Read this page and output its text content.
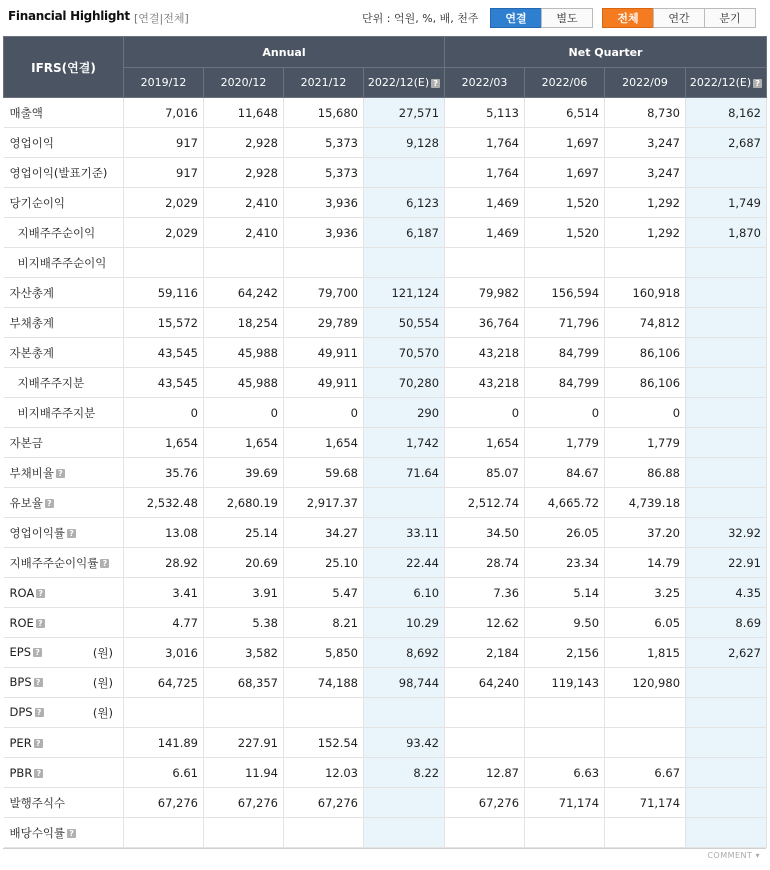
Financial Highlight [연결|전체]	단위 : 억원, %, 배, 천주	연결	별도	전체	연간	분기
IFRS(연결)	Annual				Net Quarter			
	2019/12	2020/12	2021/12	2022/12(E) ?	2022/03	2022/06	2022/09	2022/12(E) ?
매출액	7,016	11,648	15,680	27,571	5,113	6,514	8,730	8,162
영업이익	917	2,928	5,373	9,128	1,764	1,697	3,247	2,687
영업이익(발표기준)	917	2,928	5,373		1,764	1,697	3,247	
당기순이익	2,029	2,410	3,936	6,123	1,469	1,520	1,292	1,749
지배주주순이익	2,029	2,410	3,936	6,187	1,469	1,520	1,292	1,870
비지배주주순이익								
자산총계	59,116	64,242	79,700	121,124	79,982	156,594	160,918	
부채총계	15,572	18,254	29,789	50,554	36,764	71,796	74,812	
자본총계	43,545	45,988	49,911	70,570	43,218	84,799	86,106	
지배주주지분	43,545	45,988	49,911	70,280	43,218	84,799	86,106	
비지배주주지분	0	0	0	290	0	0	0	
자본금	1,654	1,654	1,654	1,742	1,654	1,779	1,779	
부채비율 ?	35.76	39.69	59.68	71.64	85.07	84.67	86.88	
유보율 ?	2,532.48	2,680.19	2,917.37		2,512.74	4,665.72	4,739.18	
영업이익률 ?	13.08	25.14	34.27	33.11	34.50	26.05	37.20	32.92
지배주주순이익률 ?	28.92	20.69	25.10	22.44	28.74	23.34	14.79	22.91
ROA ?	3.41	3.91	5.47	6.10	7.36	5.14	3.25	4.35
ROE ?	4.77	5.38	8.21	10.29	12.62	9.50	6.05	8.69
EPS ? (원)	3,016	3,582	5,850	8,692	2,184	2,156	1,815	2,627
BPS ? (원)	64,725	68,357	74,188	98,744	64,240	119,143	120,980	
DPS ? (원)								

PER ?	141.89	227.91	152.54	93.42				
PBR ?	6.61	11.94	12.03	8.22	12.87	6.63	6.67	
발행주식수	67,276	67,276	67,276		67,276	71,174	71,174	
배당수익률 ?								
COMMENT ▾
